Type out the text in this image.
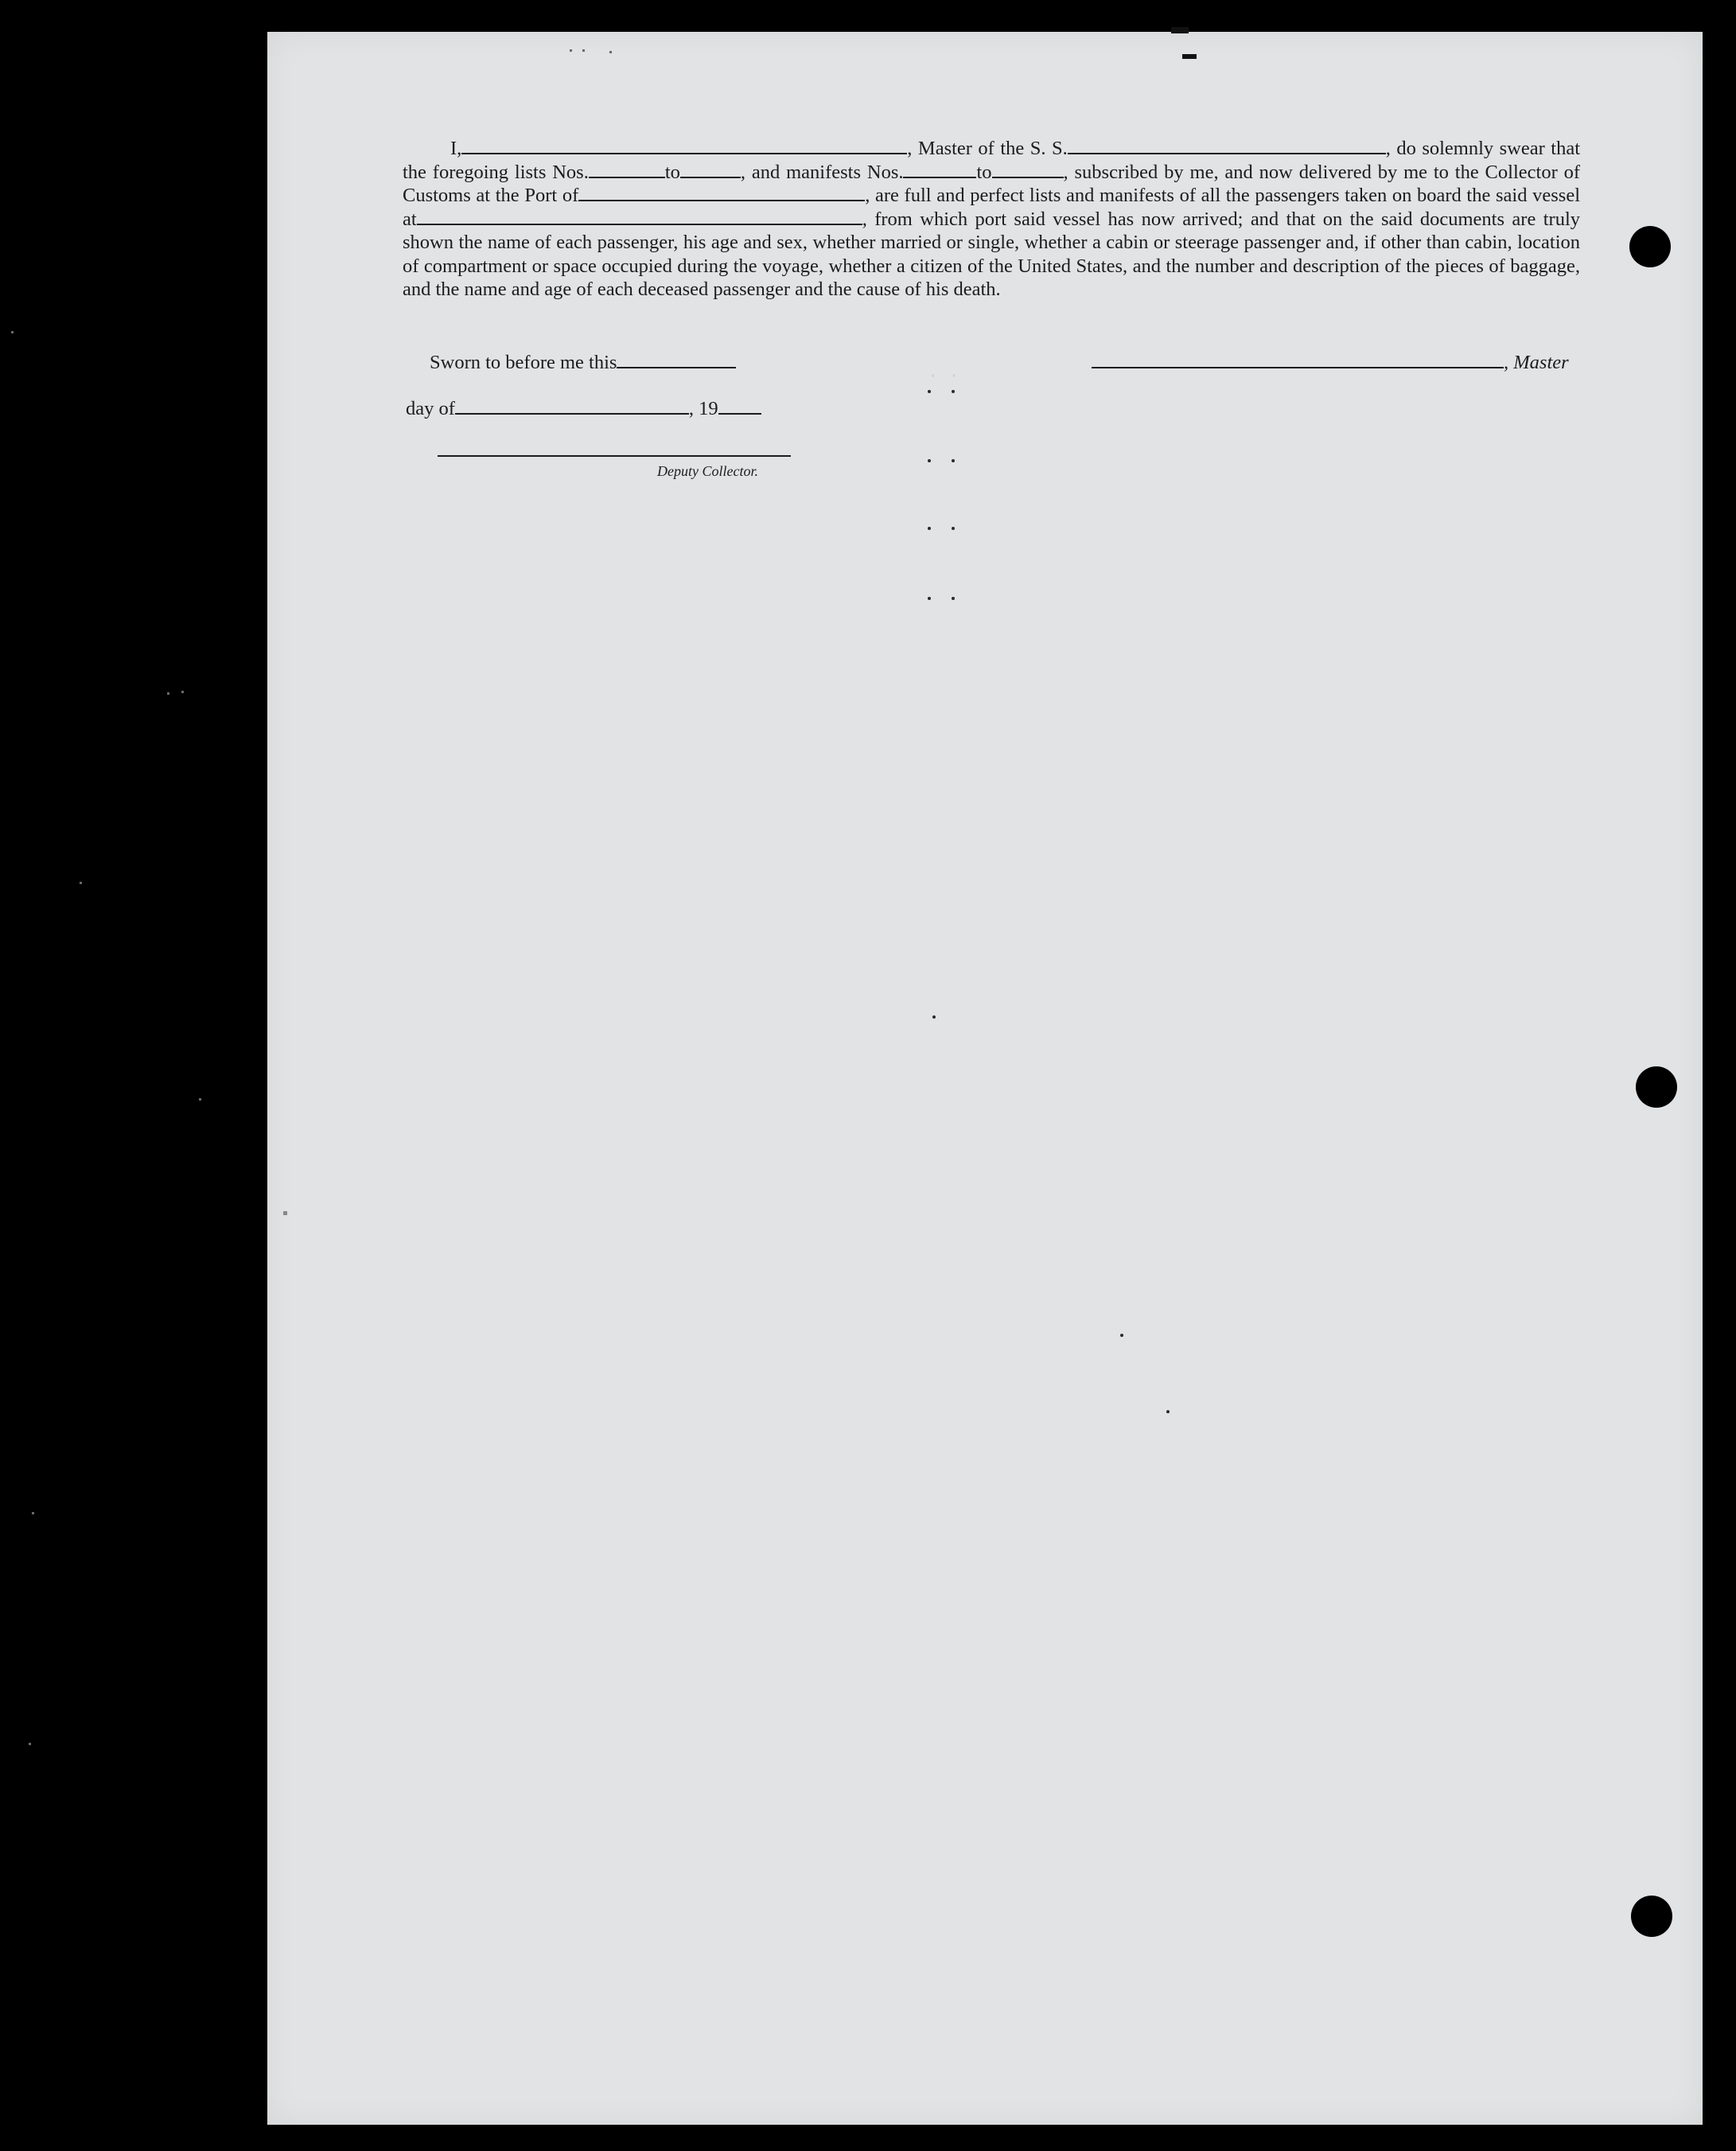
· ·
I,	, Master of the S. S.	, do solemnly swear that the foregoing lists Nos.	to	, and manifests Nos.	to	, subscribed by me, and now delivered by me to the Collector of Customs at the Port of	, are full and perfect lists and manifests of all the passengers taken on board the said vessel at	, from which port said vessel has now arrived; and that on the said documents are truly shown the name of each passenger, his age and sex, whether married or single, whether a cabin or steerage passenger and, if other than cabin, location of compartment or space occupied during the voyage, whether a citizen of the United States, and the number and description of the pieces of baggage, and the name and age of each deceased passenger and the cause of his death.
Sworn to before me this	, Master
day of	, 19
Deputy Collector.
